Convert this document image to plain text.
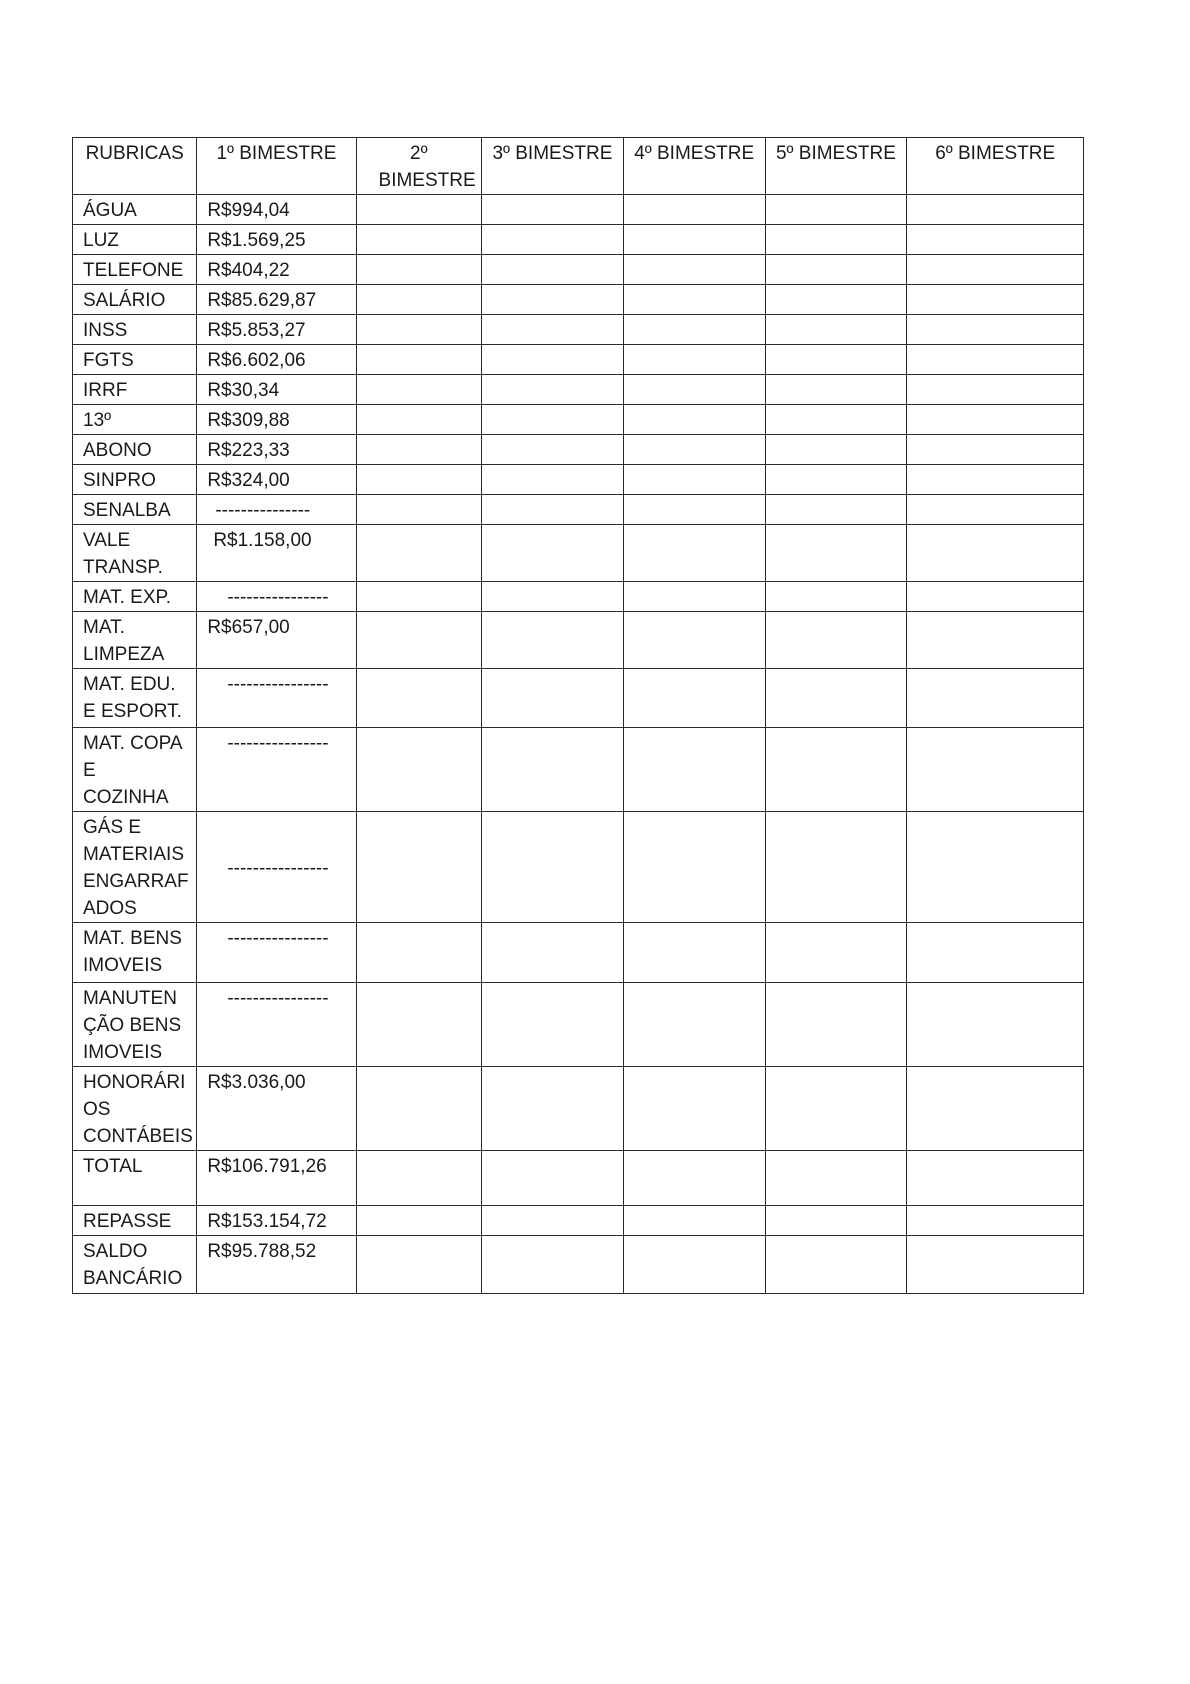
RUBRICAS	1º BIMESTRE	2º BIMESTRE	3º BIMESTRE	4º BIMESTRE	5º BIMESTRE	6º BIMESTRE
ÁGUA	R$994,04					
LUZ	R$1.569,25					
TELEFONE	R$404,22					
SALÁRIO	R$85.629,87					
INSS	R$5.853,27					
FGTS	R$6.602,06					
IRRF	R$30,34					
13º	R$309,88					
ABONO	R$223,33					
SINPRO	R$324,00					
SENALBA	---------------					
VALE TRANSP.	R$1.158,00					
MAT. EXP.	----------------					
MAT. LIMPEZA	R$657,00					
MAT. EDU. E ESPORT.	----------------					
MAT. COPA E COZINHA	----------------					
GÁS E MATERIAIS ENGARRAF ADOS	----------------					
MAT. BENS IMOVEIS	----------------					
MANUTEN ÇÃO BENS IMOVEIS	----------------					
HONORÁRI OS CONTÁBEIS	R$3.036,00					
TOTAL	R$106.791,26					
REPASSE	R$153.154,72					
SALDO BANCÁRIO	R$95.788,52					
